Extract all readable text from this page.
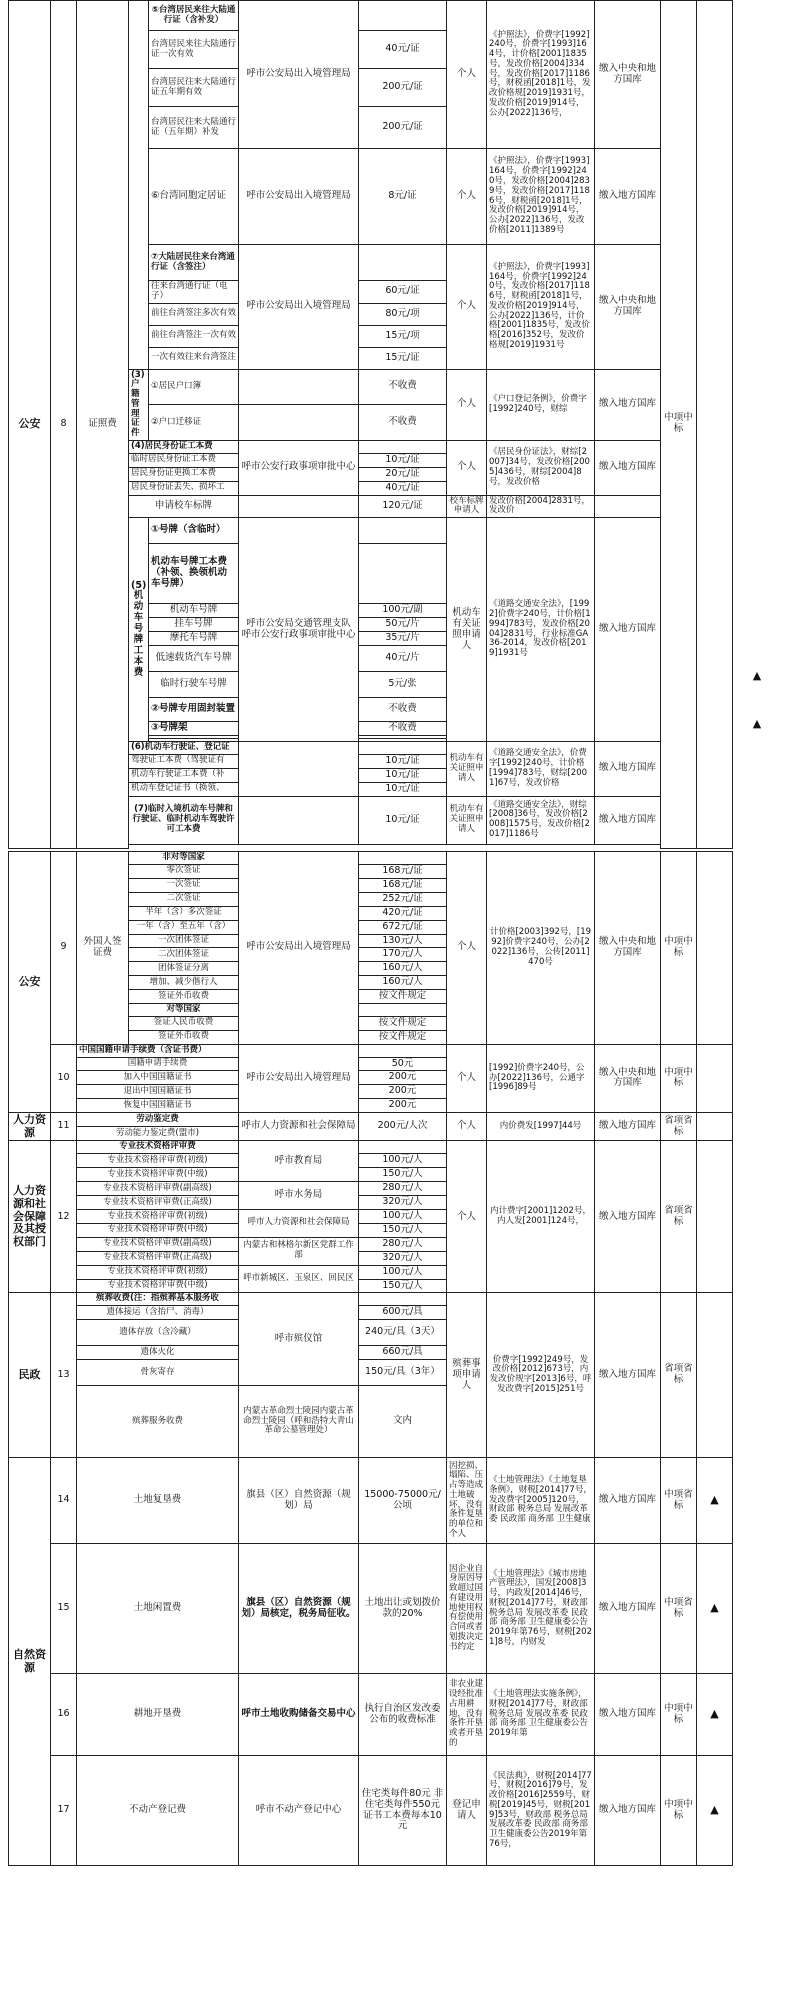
公安	8	证照费		⑤台湾居民来往大陆通行证（含补发）	呼市公安局出入境管理局		个人	《护照法》，价费字[1992]240号，价费字[1993]164号，计价格[2001]1835号，发改价格[2004]334号，发改价格[2017]1186号，财税函[2018]1号，发改价格规[2019]1931号，发改价格[2019]914号，公办[2022]136号，	缴入中央和地方国库	中项中标		
				台湾居民来往大陆通行证一次有效		40元/证						
				台湾居民往来大陆通行证五年期有效		200元/证						
				台湾居民往来大陆通行证（五年期）补发		200元/证						
				⑥台湾同胞定居证	呼市公安局出入境管理局	8元/证	个人	《护照法》，价费字[1993]164号，价费字[1992]240号，发改价格[2004]2839号，发改价格[2017]1186号，财税函[2018]1号，发改价格[2019]914号，公办[2022]136号，发改价格[2011]1389号	缴入地方国库			
				⑦大陆居民往来台湾通行证（含签注）	呼市公安局出入境管理局		个人	《护照法》，价费字[1993]164号，价费字[1992]240号，发改价格[2017]1186号，财税函[2018]1号，发改价格[2019]914号，公办[2022]136号，计价格[2001]1835号，发改价格[2016]352号，发改价格规[2019]1931号	缴入中央和地方国库			
				往来台湾通行证（电子）		60元/证						
				前往台湾签注多次有效		80元/项						
				前往台湾签注一次有效		15元/项						
				一次有效往来台湾签注		15元/证						
			(3)户籍管理证件	①居民户口簿		不收费	个人	《户口登记条例》，价费字[1992]240号，财综	缴入地方国库			
				②户口迁移证		不收费						
			(4)居民身份证工本费		呼市公安行政事项审批中心		个人	《居民身份证法》，财综[2007]34号，发改价格[2005]436号，财综[2004]8号，发改价格	缴入地方国库			
			临时居民身份证工本费			10元/证						
			居民身份证更换工本费			20元/证						
			居民身份证丢失、损坏工			40元/证						
			申请校车标牌			120元/证	校车标牌申请人	发改价格[2004]2831号，发改价				
			(5)机动车号牌工本费	①号牌（含临时）	呼市公安局交通管理支队 呼市公安行政事项审批中心		机动车有关证照申请人	《道路交通安全法》，[1992]价费字240号，计价格[1994]783号，发改价格[2004]2831号，行业标准GA36-2014，发改价格[2019]1931号	缴入地方国库			
				机动车号牌工本费（补领、换领机动车号牌）								
				机动车号牌		100元/副						
				挂车号牌		50元/片						
				摩托车号牌		35元/片						
				低速载货汽车号牌		40元/片						
				临时行驶车号牌		5元/张						
				②号牌专用固封装置		不收费						
				③号牌架		不收费						

			(6)机动车行驶证、登记证				机动车有关证照申请人	《道路交通安全法》，价费字[1992]240号，计价格[1994]783号，财综[2001]67号，发改价格	缴入地方国库			
			驾驶证工本费（驾驶证有			10元/证						
			机动车行驶证工本费（补			10元/证						
			机动车登记证书（换领、			10元/证						
			(7)临时入境机动车号牌和行驶证、临时机动车驾驶许可工本费			10元/证	机动车有关证照申请人	《道路交通安全法》，财综[2008]36号，发改价格[2008]1575号，发改价格[2017]1186号	缴入地方国库			

公安	9	外国人签证费	非对等国家	呼市公安局出入境管理局		个人	计价格[2003]392号，[1992]价费字240号，公办[2022]136号，公传[2011]470号	缴入中央和地方国库	中项中标		
			零次签证		168元/证						
			一次签证		168元/证						
			二次签证		252元/证						
			半年（含）多次签证		420元/证						
			一年（含）至五年（含）		672元/证						
			一次团体签证		130元/人						
			二次团体签证		170元/人						
			团体签证分离		160元/人						
			增加、减少偕行人		160元/人						
			签证外币收费		按文件规定						
			对等国家								
			签证人民币收费		按文件规定						
			签证外币收费		按文件规定						
	10	中国国籍申请手续费（含证书费）		呼市公安局出入境管理局		个人	[1992]价费字240号，公办[2022]136号，公通字[1996]89号	缴入中央和地方国库	中项中标		
		国籍申请手续费			50元						
		加入中国国籍证书			200元						
		退出中国国籍证书			200元						
		恢复中国国籍证书			200元						
人力资源	11	劳动鉴定费		呼市人力资源和社会保障局	200元/人次	个人	内价费发[1997]44号	缴入地方国库	省项省标		
		劳动能力鉴定费(盟市)									
人力资源和社会保障及其授权部门	12	专业技术资格评审费		呼市教育局		个人	内计费字[2001]1202号，内人发[2001]124号，	缴入地方国库	省项省标		
		专业技术资格评审费(初级)			100元/人						
		专业技术资格评审费(中级)			150元/人						
		专业技术资格评审费(副高级)		呼市水务局	280元/人						
		专业技术资格评审费(正高级)			320元/人						
		专业技术资格评审费(初级)		呼市人力资源和社会保障局	100元/人						
		专业技术资格评审费(中级)			150元/人						
		专业技术资格评审费(副高级)		内蒙古和林格尔新区党群工作部	280元/人						
		专业技术资格评审费(正高级)			320元/人						
		专业技术资格评审费(初级)		呼市新城区、玉泉区、回民区	100元/人						
		专业技术资格评审费(中级)			150元/人						
民政	13	殡葬收费(注：指殡葬基本服务收		呼市殡仪馆		殡葬事项申请人	价费字[1992]249号，发改价格[2012]673号，内发改价规字[2013]6号，呼发改费字[2015]251号	缴入地方国库	省项省标		
		遗体接运（含抬尸、消毒）			600元/具						
		遗体存放（含冷藏）			240元/具（3天）						
		遗体火化			660元/具						
		骨灰寄存			150元/具（3年）						
		殡葬服务收费		内蒙古革命烈士陵园内蒙古革命烈士陵园（呼和浩特大青山革命公墓管理处）	文内						
自然资源	14	土地复垦费		旗县（区）自然资源（规划）局	15000-75000元/公顷	因挖损、塌陷、压占等造成土地破坏，没有条件复垦的单位和个人	《土地管理法》《土地复垦条例》，财税[2014]77号，发改费字[2005]120号，财政部 税务总局 发展改革委 民政部 商务部 卫生健康	缴入地方国库	中项省标	▲	
	15	土地闲置费		旗县（区）自然资源（规划）局核定，税务局征收。	土地出让或划拨价款的20%	因企业自身原因导致超过国有建设用地使用权有偿使用合同或者划拨决定书约定	《土地管理法》《城市房地产管理法》，国发[2008]3号，内政发[2014]46号，财税[2014]77号，财政部 税务总局 发展改革委 民政部 商务部 卫生健康委公告2019年第76号，财税[2021]8号，内财发	缴入地方国库	中项省标	▲	
	16	耕地开垦费		呼市土地收购储备交易中心	执行自治区发改委公布的收费标准	非农业建设经批准占用耕地，没有条件开垦或者开垦的	《土地管理法实施条例》，财税[2014]77号，财政部 税务总局 发展改革委 民政部 商务部 卫生健康委公告2019年第	缴入地方国库	中项中标	▲	
	17	不动产登记费		呼市不动产登记中心	住宅类每件80元 非住宅类每件550元 证书工本费每本10元	登记申请人	《民法典》，财税[2014]77号，财税[2016]79号，发改价格[2016]2559号，财税[2019]45号，财税[2019]53号，财政部 税务总局 发展改革委 民政部 商务部 卫生健康委公告2019年第76号，	缴入地方国库	中项中标	▲	
▲
▲
